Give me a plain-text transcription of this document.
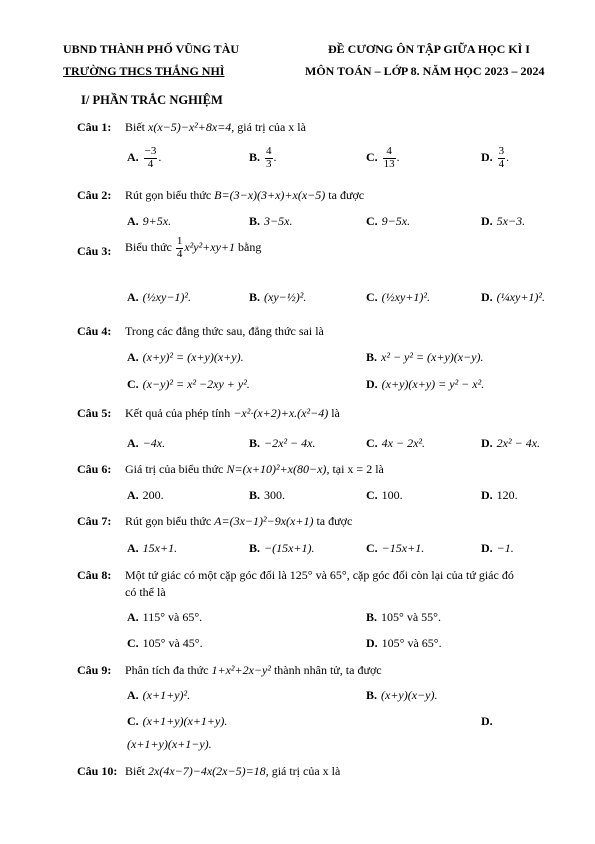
UBND THÀNH PHỐ VŨNG TÀU
TRƯỜNG THCS THẮNG NHÌ
ĐỀ CƯƠNG ÔN TẬP GIỮA HỌC KÌ I
MÔN TOÁN – LỚP 8. NĂM HỌC 2023 – 2024
I/ PHẦN TRẮC NGHIỆM
Câu 1:	Biết x(x−5)−x²+8x=4, giá trị của x là
A. $\frac{-3}{4}$ .	B. $\frac{4}{3}$ .	C. $\frac{4}{13}$ .	D. $\frac{3}{4}$ .
Câu 2:	Rút gọn biểu thức B=(3−x)(3+x)+x(x−5) ta được
A. 9+5x.	B. 3−5x.	C. 9−5x.	D. 5x−3.
Câu 3:	Biểu thức $\frac{1}{4} x^2y^2+xy+1$ bằng
A. (½xy−1)².	B. (xy−½)².	C. (½xy+1)².	D. (¼xy+1)².
Câu 4:	Trong các đẳng thức sau, đẳng thức sai là
A. (x+y)² = (x+y)(x+y).	B. x² − y² = (x+y)(x−y).
C. (x−y)² = x² −2xy + y².	D. (x+y)(x+y) = y² − x².
Câu 5:	Kết quả của phép tính −x²·(x+2)+x.(x²−4) là
A. −4x.	B. −2x² − 4x.	C. 4x − 2x².	D. 2x² − 4x.
Câu 6:	Giá trị của biểu thức N=(x+10)²+x(80−x), tại x = 2 là
A. 200.	B. 300.	C. 100.	D. 120.
Câu 7:	Rút gọn biểu thức A=(3x−1)²−9x(x+1) ta được
A. 15x+1.	B. −(15x+1).	C. −15x+1.	D. −1.
Câu 8:	Một tứ giác có một cặp góc đối là 125° và 65°, cặp góc đối còn lại của tứ giác đó
có thể là
A. 115° và 65°.	B. 105° và 55°.
C. 105° và 45°.	D. 105° và 65°.
Câu 9:	Phân tích đa thức 1+x²+2x−y² thành nhân tử, ta được
A. (x+1+y)².	B. (x+y)(x−y).
C. (x+1+y)(x+1+y).	D.
(x+1+y)(x+1−y).
Câu 10: Biết 2x(4x−7)−4x(2x−5)=18, giá trị của x là
